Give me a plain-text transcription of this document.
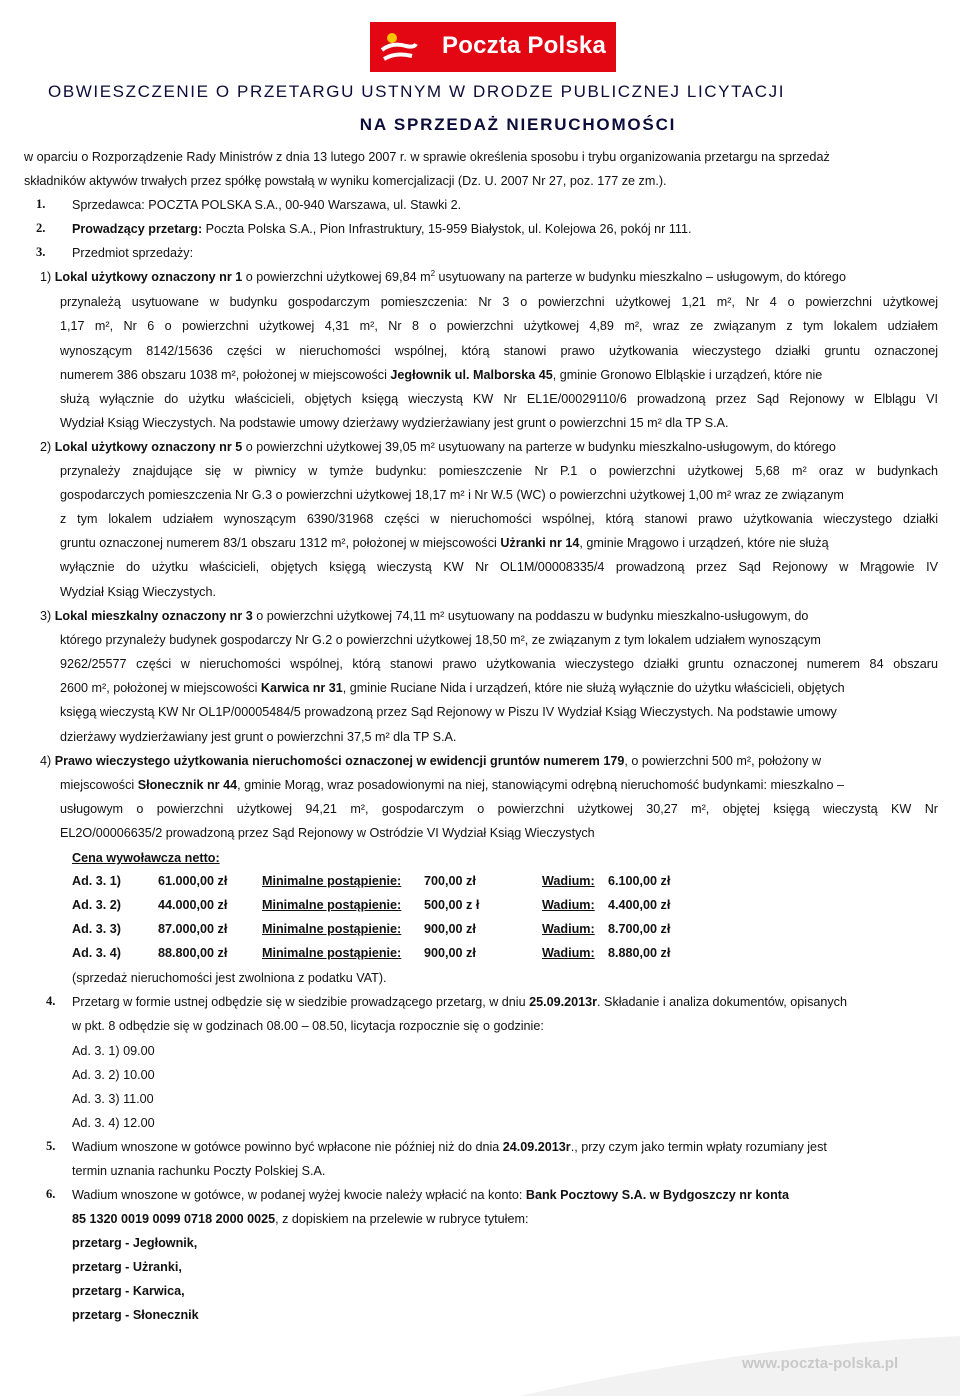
Poczta Polska
OBWIESZCZENIE O PRZETARGU USTNYM W DRODZE PUBLICZNEJ LICYTACJI
NA SPRZEDAŻ NIERUCHOMOŚCI
w oparciu o Rozporządzenie Rady Ministrów z dnia 13 lutego 2007 r. w sprawie określenia sposobu i trybu organizowania przetargu na sprzedaż
składników aktywów trwałych przez spółkę powstałą w wyniku komercjalizacji (Dz. U. 2007 Nr 27, poz. 177 ze zm.).
1. Sprzedawca: POCZTA POLSKA S.A., 00-940 Warszawa, ul. Stawki 2.
2. Prowadzący przetarg: Poczta Polska S.A., Pion Infrastruktury, 15-959 Białystok, ul. Kolejowa 26, pokój nr 111.
3. Przedmiot sprzedaży:
1) Lokal użytkowy oznaczony nr 1 o powierzchni użytkowej 69,84 $m^2$ usytuowany na parterze w budynku mieszkalno – usługowym, do którego
przynależą usytuowane w budynku gospodarczym pomieszczenia: Nr 3 o powierzchni użytkowej 1,21 m², Nr 4 o powierzchni użytkowej
1,17 m², Nr 6 o powierzchni użytkowej 4,31 m², Nr 8 o powierzchni użytkowej 4,89 m², wraz ze związanym z tym lokalem udziałem
wynoszącym 8142/15636 części w nieruchomości wspólnej, którą stanowi prawo użytkowania wieczystego działki gruntu oznaczonej
numerem 386 obszaru 1038 m², położonej w miejscowości Jegłownik ul. Malborska 45, gminie Gronowo Elbląskie i urządzeń, które nie
służą wyłącznie do użytku właścicieli, objętych księgą wieczystą KW Nr EL1E/00029110/6 prowadzoną przez Sąd Rejonowy w Elblągu VI
Wydział Ksiąg Wieczystych. Na podstawie umowy dzierżawy wydzierżawiany jest grunt o powierzchni 15 m² dla TP S.A.
2) Lokal użytkowy oznaczony nr 5 o powierzchni użytkowej 39,05 m² usytuowany na parterze w budynku mieszkalno-usługowym, do którego
przynależy znajdujące się w piwnicy w tymże budynku: pomieszczenie Nr P.1 o powierzchni użytkowej 5,68 m² oraz w budynkach
gospodarczych pomieszczenia Nr G.3 o powierzchni użytkowej 18,17 m² i Nr W.5 (WC) o powierzchni użytkowej 1,00 m² wraz ze związanym
z tym lokalem udziałem wynoszącym 6390/31968 części w nieruchomości wspólnej, którą stanowi prawo użytkowania wieczystego działki
gruntu oznaczonej numerem 83/1 obszaru 1312 m², położonej w miejscowości Użranki nr 14, gminie Mrągowo i urządzeń, które nie służą
wyłącznie do użytku właścicieli, objętych księgą wieczystą KW Nr OL1M/00008335/4 prowadzoną przez Sąd Rejonowy w Mrągowie IV
Wydział Ksiąg Wieczystych.
3) Lokal mieszkalny oznaczony nr 3 o powierzchni użytkowej 74,11 m² usytuowany na poddaszu w budynku mieszkalno-usługowym, do
którego przynależy budynek gospodarczy Nr G.2 o powierzchni użytkowej 18,50 m², ze związanym z tym lokalem udziałem wynoszącym
9262/25577 części w nieruchomości wspólnej, którą stanowi prawo użytkowania wieczystego działki gruntu oznaczonej numerem 84 obszaru
2600 m², położonej w miejscowości Karwica nr 31, gminie Ruciane Nida i urządzeń, które nie służą wyłącznie do użytku właścicieli, objętych
księgą wieczystą KW Nr OL1P/00005484/5 prowadzoną przez Sąd Rejonowy w Piszu IV Wydział Ksiąg Wieczystych. Na podstawie umowy
dzierżawy wydzierżawiany jest grunt o powierzchni 37,5 m² dla TP S.A.
4) Prawo wieczystego użytkowania nieruchomości oznaczonej w ewidencji gruntów numerem 179, o powierzchni 500 m², położony w
miejscowości Słonecznik nr 44, gminie Morąg, wraz posadowionymi na niej, stanowiącymi odrębną nieruchomość budynkami: mieszkalno –
usługowym o powierzchni użytkowej 94,21 m², gospodarczym o powierzchni użytkowej 30,27 m², objętej księgą wieczystą KW Nr
EL2O/00006635/2 prowadzoną przez Sąd Rejonowy w Ostródzie VI Wydział Ksiąg Wieczystych
Cena wywoławcza netto:
Ad. 3. 1)	61.000,00 zł	Minimalne postąpienie: 700,00 zł	Wadium: 6.100,00 zł
Ad. 3. 2)	44.000,00 zł	Minimalne postąpienie: 500,00 z ł	Wadium: 4.400,00 zł
Ad. 3. 3)	87.000,00 zł	Minimalne postąpienie: 900,00 zł	Wadium: 8.700,00 zł
Ad. 3. 4)	88.800,00 zł	Minimalne postąpienie: 900,00 zł	Wadium: 8.880,00 zł
(sprzedaż nieruchomości jest zwolniona z podatku VAT).
4. Przetarg w formie ustnej odbędzie się w siedzibie prowadzącego przetarg, w dniu 25.09.2013r. Składanie i analiza dokumentów, opisanych
w pkt. 8 odbędzie się w godzinach 08.00 – 08.50, licytacja rozpocznie się o godzinie:
Ad. 3. 1) 09.00
Ad. 3. 2) 10.00
Ad. 3. 3) 11.00
Ad. 3. 4) 12.00
5. Wadium wnoszone w gotówce powinno być wpłacone nie później niż do dnia 24.09.2013r., przy czym jako termin wpłaty rozumiany jest
termin uznania rachunku Poczty Polskiej S.A.
6. Wadium wnoszone w gotówce, w podanej wyżej kwocie należy wpłacić na konto: Bank Pocztowy S.A. w Bydgoszczy nr konta
85 1320 0019 0099 0718 2000 0025, z dopiskiem na przelewie w rubryce tytułem:
przetarg - Jegłownik,
przetarg - Użranki,
przetarg - Karwica,
przetarg - Słonecznik
www.poczta-polska.pl
